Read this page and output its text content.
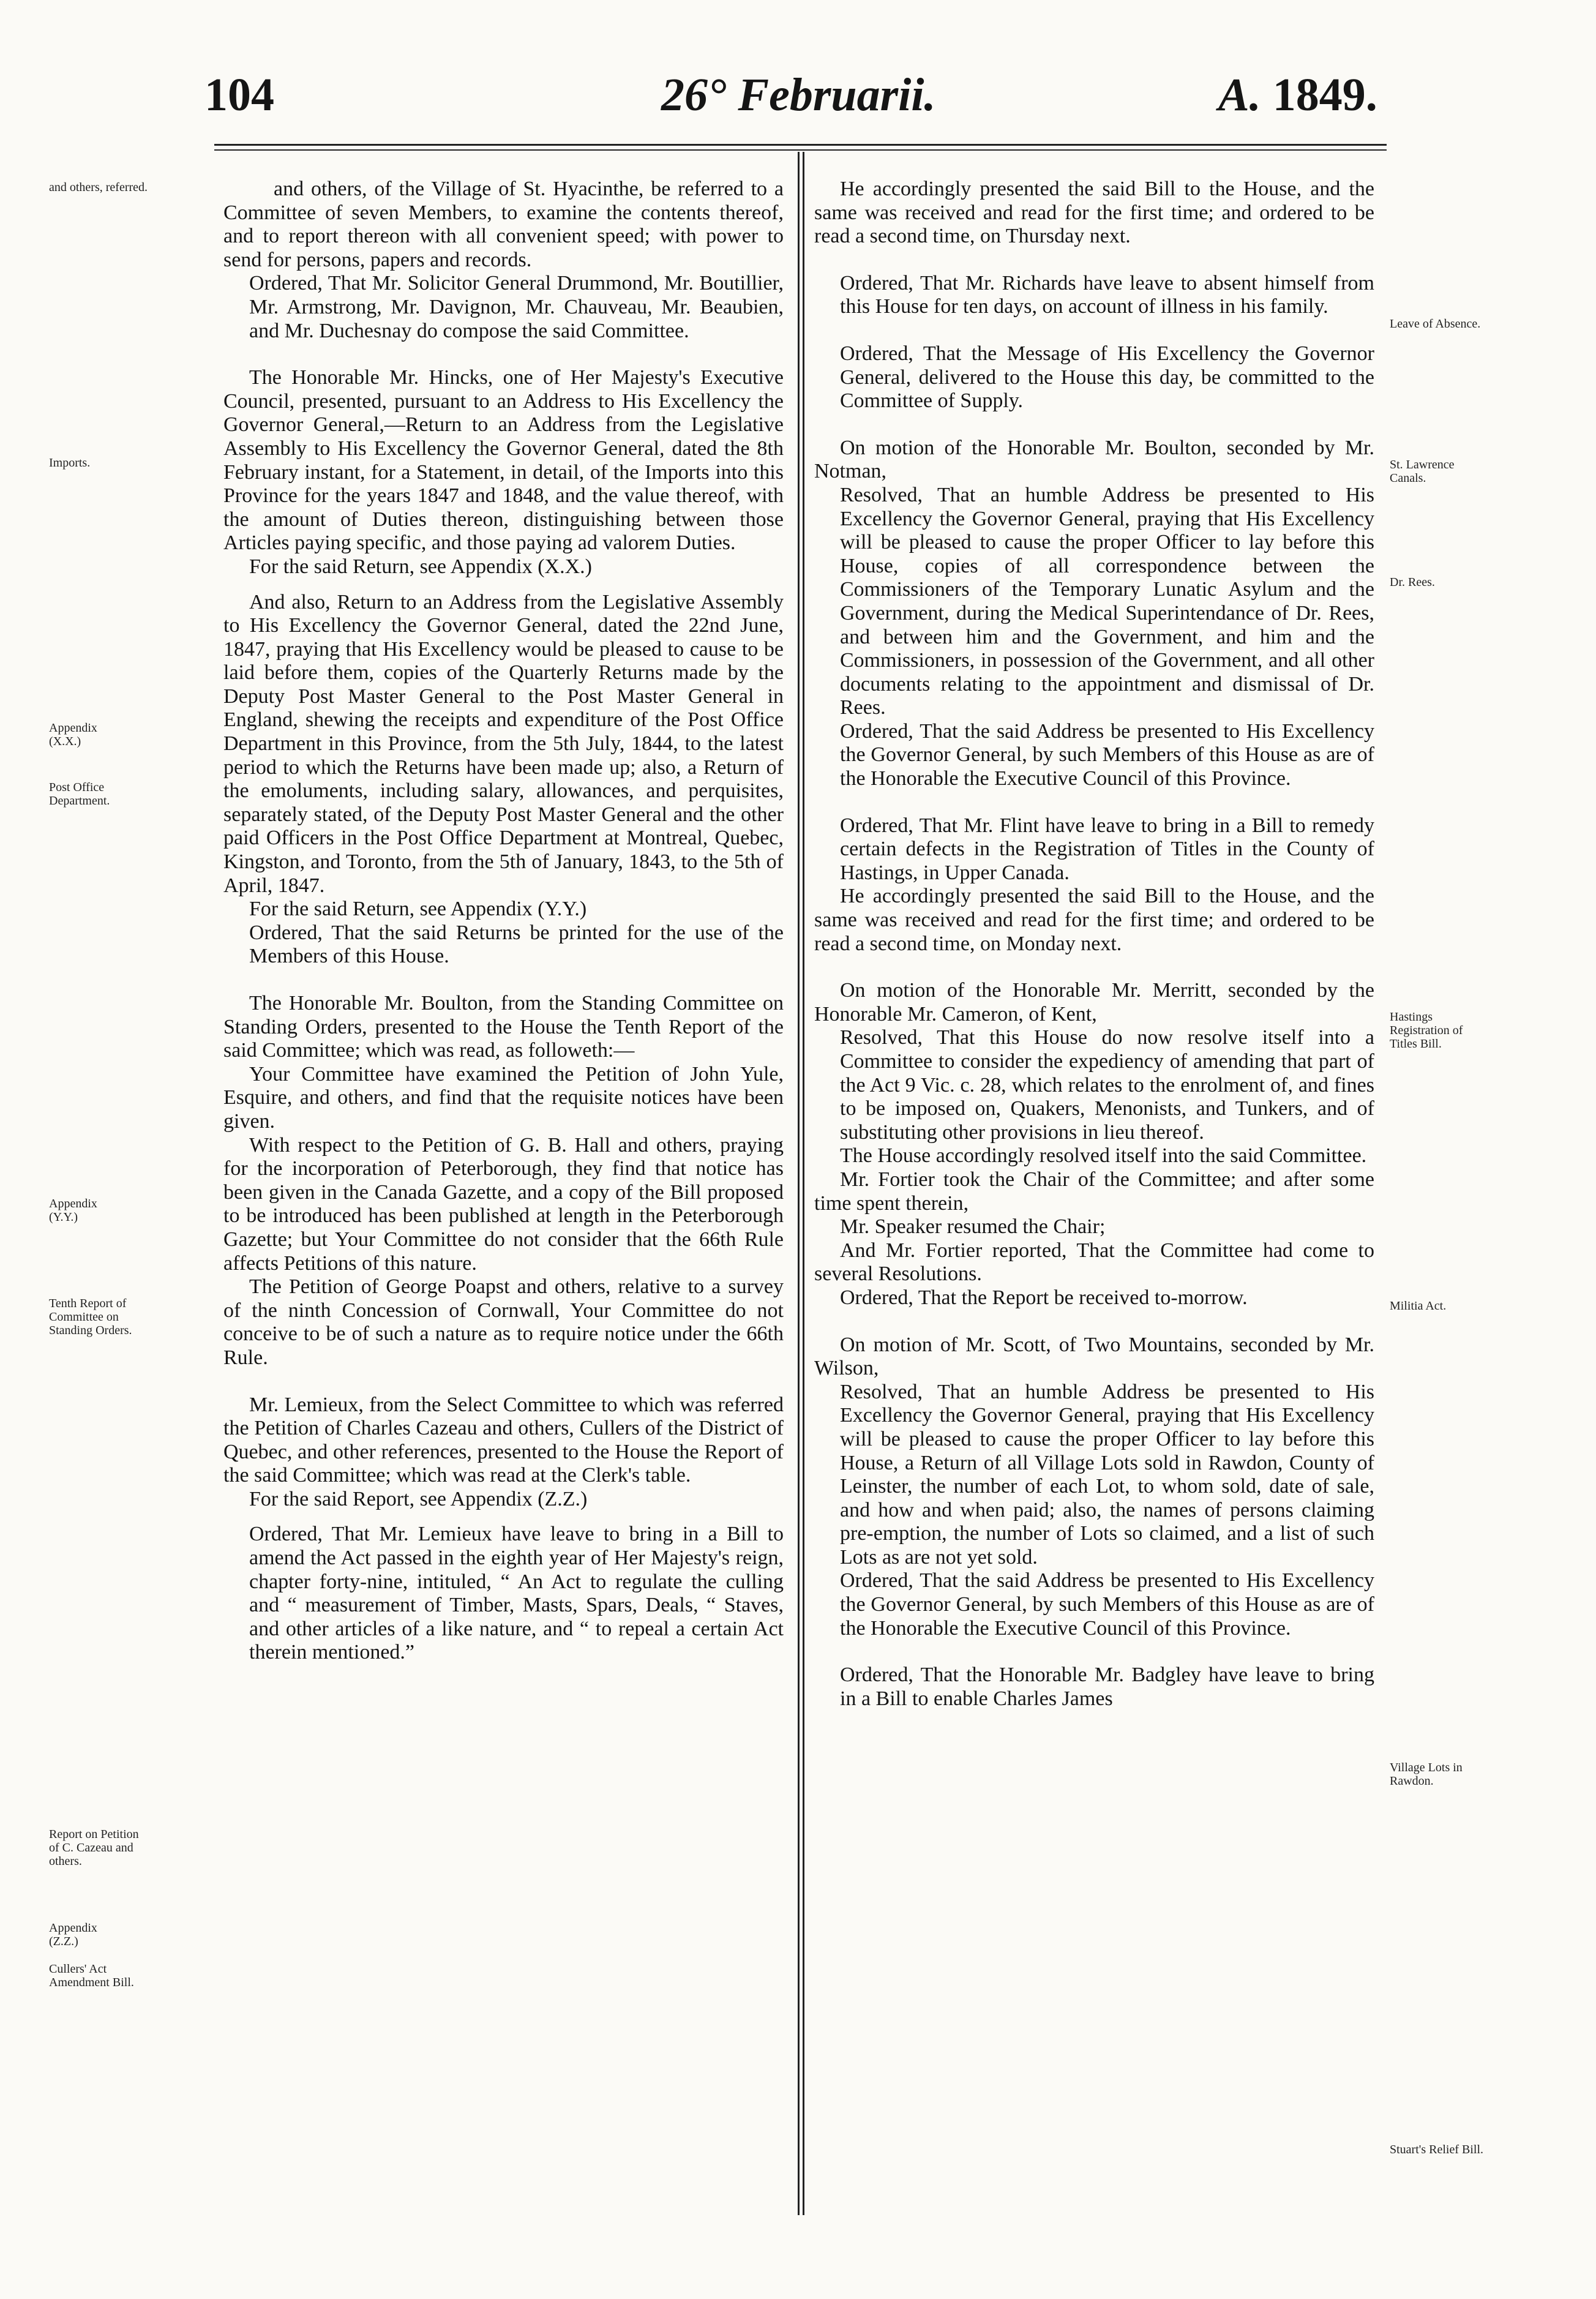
104	26° Februarii.	A. 1849.

and others, of the Village of St. Hyacinthe, be referred to a Committee of seven Members, to examine the contents thereof, and to report thereon with all convenient speed; with power to send for persons, papers and records.

Ordered, That Mr. Solicitor General Drummond, Mr. Boutillier, Mr. Armstrong, Mr. Davignon, Mr. Chauveau, Mr. Beaubien, and Mr. Duchesnay do compose the said Committee.

The Honorable Mr. Hincks, one of Her Majesty's Executive Council, presented, pursuant to an Address to His Excellency the Governor General,—Return to an Address from the Legislative Assembly to His Excellency the Governor General, dated the 8th February instant, for a Statement, in detail, of the Imports into this Province for the years 1847 and 1848, and the value thereof, with the amount of Duties thereon, distinguishing between those Articles paying specific, and those paying ad valorem Duties.

For the said Return, see Appendix (X.X.)

And also, Return to an Address from the Legislative Assembly to His Excellency the Governor General, dated the 22nd June, 1847, praying that His Excellency would be pleased to cause to be laid before them, copies of the Quarterly Returns made by the Deputy Post Master General to the Post Master General in England, shewing the receipts and expenditure of the Post Office Department in this Province, from the 5th July, 1844, to the latest period to which the Returns have been made up; also, a Return of the emoluments, including salary, allowances, and perquisites, separately stated, of the Deputy Post Master General and the other paid Officers in the Post Office Department at Montreal, Quebec, Kingston, and Toronto, from the 5th of January, 1843, to the 5th of April, 1847.

For the said Return, see Appendix (Y.Y.)

Ordered, That the said Returns be printed for the use of the Members of this House.

The Honorable Mr. Boulton, from the Standing Committee on Standing Orders, presented to the House the Tenth Report of the said Committee; which was read, as followeth:—

Your Committee have examined the Petition of John Yule, Esquire, and others, and find that the requisite notices have been given.

With respect to the Petition of G. B. Hall and others, praying for the incorporation of Peterborough, they find that notice has been given in the Canada Gazette, and a copy of the Bill proposed to be introduced has been published at length in the Peterborough Gazette; but Your Committee do not consider that the 66th Rule affects Petitions of this nature.

The Petition of George Poapst and others, relative to a survey of the ninth Concession of Cornwall, Your Committee do not conceive to be of such a nature as to require notice under the 66th Rule.

Mr. Lemieux, from the Select Committee to which was referred the Petition of Charles Cazeau and others, Cullers of the District of Quebec, and other references, presented to the House the Report of the said Committee; which was read at the Clerk's table.

For the said Report, see Appendix (Z.Z.)

Ordered, That Mr. Lemieux have leave to bring in a Bill to amend the Act passed in the eighth year of Her Majesty's reign, chapter forty-nine, intituled, “ An Act to regulate the culling and “ measurement of Timber, Masts, Spars, Deals, “ Staves, and other articles of a like nature, and “ to repeal a certain Act therein mentioned.”

He accordingly presented the said Bill to the House, and the same was received and read for the first time; and ordered to be read a second time, on Thursday next.

Ordered, That Mr. Richards have leave to absent himself from this House for ten days, on account of illness in his family.

Ordered, That the Message of His Excellency the Governor General, delivered to the House this day, be committed to the Committee of Supply.

On motion of the Honorable Mr. Boulton, seconded by Mr. Notman,

Resolved, That an humble Address be presented to His Excellency the Governor General, praying that His Excellency will be pleased to cause the proper Officer to lay before this House, copies of all correspondence between the Commissioners of the Temporary Lunatic Asylum and the Government, during the Medical Superintendance of Dr. Rees, and between him and the Government, and him and the Commissioners, in possession of the Government, and all other documents relating to the appointment and dismissal of Dr. Rees.

Ordered, That the said Address be presented to His Excellency the Governor General, by such Members of this House as are of the Honorable the Executive Council of this Province.

Ordered, That Mr. Flint have leave to bring in a Bill to remedy certain defects in the Registration of Titles in the County of Hastings, in Upper Canada.

He accordingly presented the said Bill to the House, and the same was received and read for the first time; and ordered to be read a second time, on Monday next.

On motion of the Honorable Mr. Merritt, seconded by the Honorable Mr. Cameron, of Kent,

Resolved, That this House do now resolve itself into a Committee to consider the expediency of amending that part of the Act 9 Vic. c. 28, which relates to the enrolment of, and fines to be imposed on, Quakers, Menonists, and Tunkers, and of substituting other provisions in lieu thereof.

The House accordingly resolved itself into the said Committee.

Mr. Fortier took the Chair of the Committee; and after some time spent therein,

Mr. Speaker resumed the Chair;

And Mr. Fortier reported, That the Committee had come to several Resolutions.

Ordered, That the Report be received to-morrow.

On motion of Mr. Scott, of Two Mountains, seconded by Mr. Wilson,

Resolved, That an humble Address be presented to His Excellency the Governor General, praying that His Excellency will be pleased to cause the proper Officer to lay before this House, a Return of all Village Lots sold in Rawdon, County of Leinster, the number of each Lot, to whom sold, date of sale, and how and when paid; also, the names of persons claiming pre-emption, the number of Lots so claimed, and a list of such Lots as are not yet sold.

Ordered, That the said Address be presented to His Excellency the Governor General, by such Members of this House as are of the Honorable the Executive Council of this Province.

Ordered, That the Honorable Mr. Badgley have leave to bring in a Bill to enable Charles James

and others, referred.
Imports.
Appendix (X.X.)
Post Office Department.
Appendix (Y.Y.)
Tenth Report of Committee on Standing Orders.
Report on Petition of C. Cazeau and others.
Appendix (Z.Z.)
Cullers' Act Amendment Bill.
Leave of Absence.
St. Lawrence Canals.
Dr. Rees.
Hastings Registration of Titles Bill.
Militia Act.
Village Lots in Rawdon.
Stuart's Relief Bill.
